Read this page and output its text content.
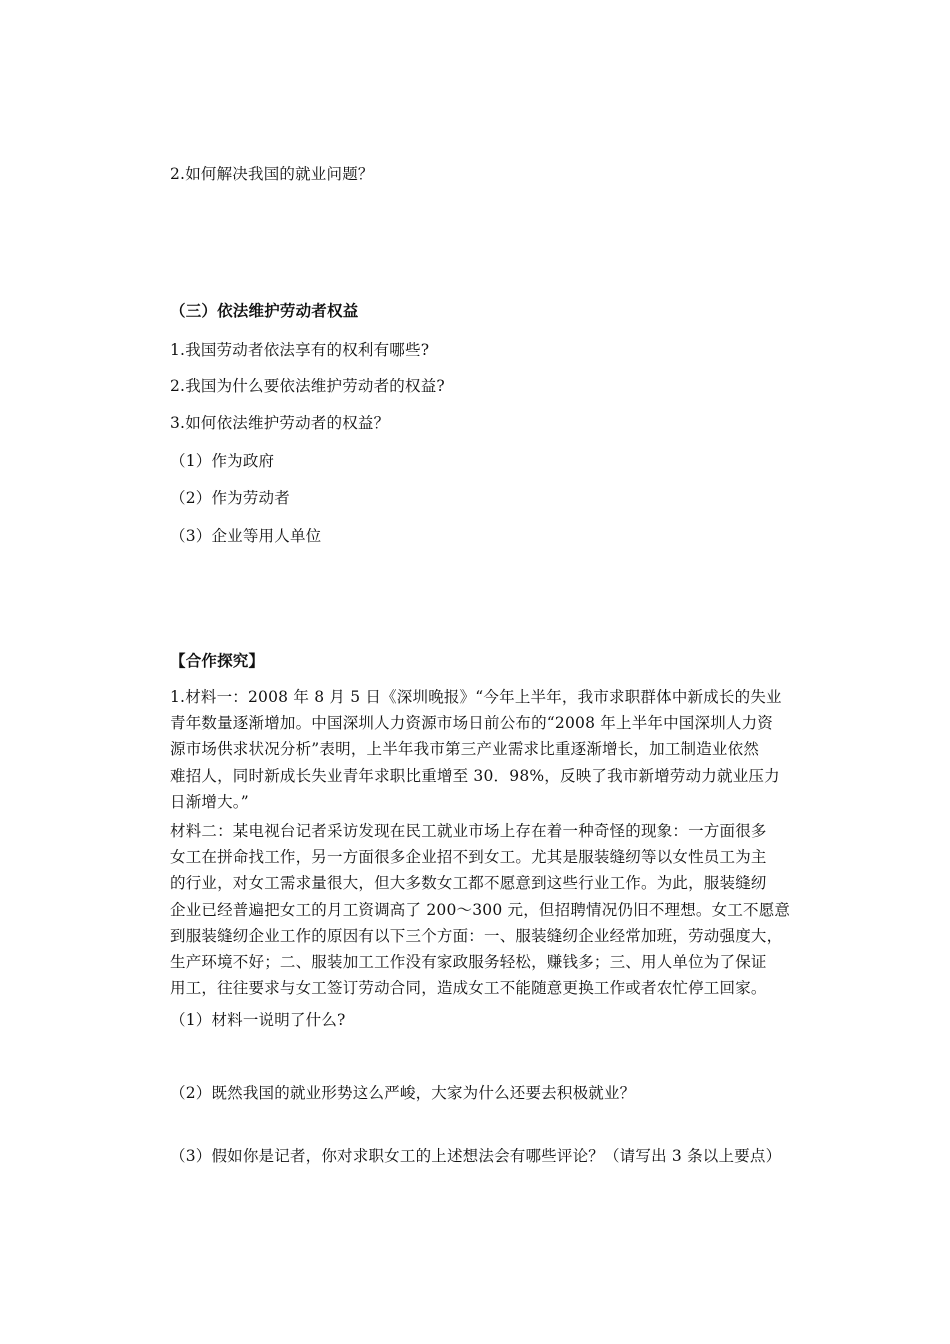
2.如何解决我国的就业问题？
（三）依法维护劳动者权益
1.我国劳动者依法享有的权利有哪些?
2.我国为什么要依法维护劳动者的权益?
3.如何依法维护劳动者的权益？
（1）作为政府
（2）作为劳动者
（3）企业等用人单位
【合作探究】
1.材料一：2008 年 8 月 5 日《深圳晚报》“今年上半年，我市求职群体中新成长的失业
青年数量逐渐增加。中国深圳人力资源市场日前公布的“2008 年上半年中国深圳人力资
源市场供求状况分析”表明，上半年我市第三产业需求比重逐渐增长，加工制造业依然
难招人，同时新成长失业青年求职比重增至 30．98%，反映了我市新增劳动力就业压力
日渐增大。”
材料二：某电视台记者采访发现在民工就业市场上存在着一种奇怪的现象：一方面很多
女工在拼命找工作，另一方面很多企业招不到女工。尤其是服装缝纫等以女性员工为主
的行业，对女工需求量很大，但大多数女工都不愿意到这些行业工作。为此，服装缝纫
企业已经普遍把女工的月工资调高了 200～300 元，但招聘情况仍旧不理想。女工不愿意
到服装缝纫企业工作的原因有以下三个方面：一、服装缝纫企业经常加班，劳动强度大，
生产环境不好；二、服装加工工作没有家政服务轻松，赚钱多；三、用人单位为了保证
用工，往往要求与女工签订劳动合同，造成女工不能随意更换工作或者农忙停工回家。
（1）材料一说明了什么?
（2）既然我国的就业形势这么严峻，大家为什么还要去积极就业？
（3）假如你是记者，你对求职女工的上述想法会有哪些评论？（请写出 3 条以上要点）
